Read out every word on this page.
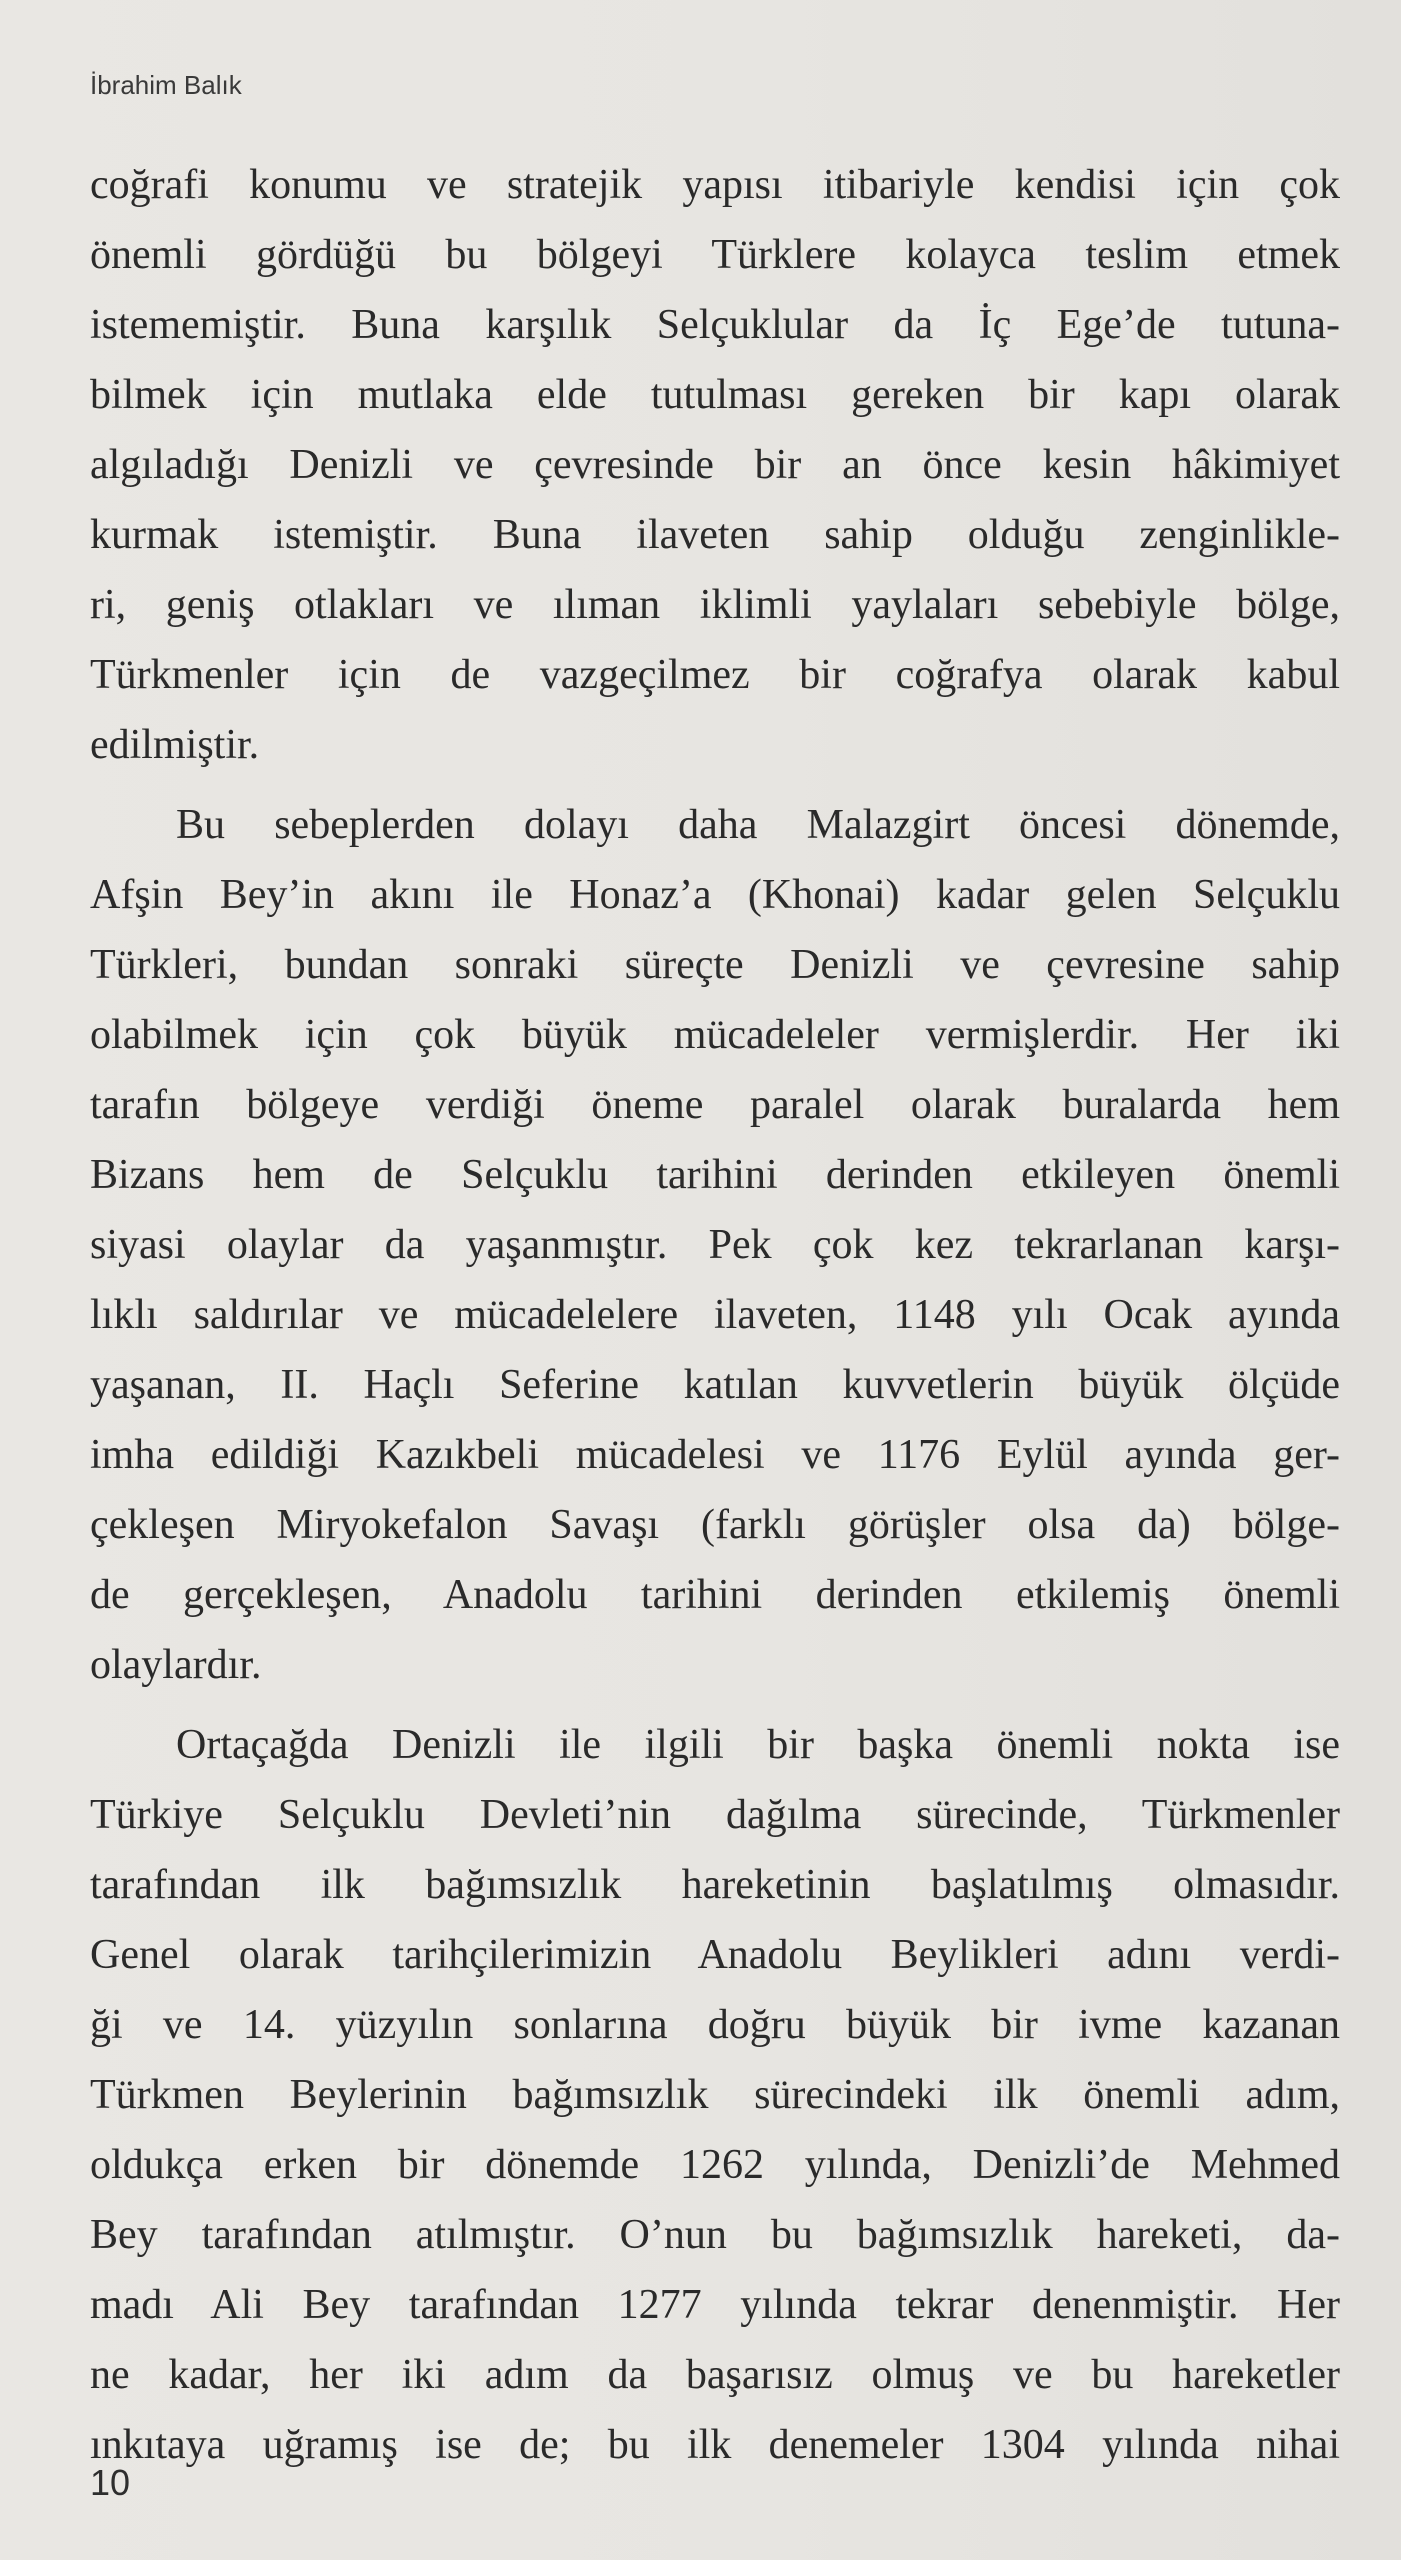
İbrahim Balık
coğrafi konumu ve stratejik yapısı itibariyle kendisi için çok
önemli gördüğü bu bölgeyi Türklere kolayca teslim etmek
istememiştir. Buna karşılık Selçuklular da İç Ege’de tutuna-
bilmek için mutlaka elde tutulması gereken bir kapı olarak
algıladığı Denizli ve çevresinde bir an önce kesin hâkimiyet
kurmak istemiştir. Buna ilaveten sahip olduğu zenginlikle-
ri, geniş otlakları ve ılıman iklimli yaylaları sebebiyle bölge,
Türkmenler için de vazgeçilmez bir coğrafya olarak kabul
edilmiştir.
Bu sebeplerden dolayı daha Malazgirt öncesi dönemde,
Afşin Bey’in akını ile Honaz’a (Khonai) kadar gelen Selçuklu
Türkleri, bundan sonraki süreçte Denizli ve çevresine sahip
olabilmek için çok büyük mücadeleler vermişlerdir. Her iki
tarafın bölgeye verdiği öneme paralel olarak buralarda hem
Bizans hem de Selçuklu tarihini derinden etkileyen önemli
siyasi olaylar da yaşanmıştır. Pek çok kez tekrarlanan karşı-
lıklı saldırılar ve mücadelelere ilaveten, 1148 yılı Ocak ayında
yaşanan, II. Haçlı Seferine katılan kuvvetlerin büyük ölçüde
imha edildiği Kazıkbeli mücadelesi ve 1176 Eylül ayında ger-
çekleşen Miryokefalon Savaşı (farklı görüşler olsa da) bölge-
de gerçekleşen, Anadolu tarihini derinden etkilemiş önemli
olaylardır.
Ortaçağda Denizli ile ilgili bir başka önemli nokta ise
Türkiye Selçuklu Devleti’nin dağılma sürecinde, Türkmenler
tarafından ilk bağımsızlık hareketinin başlatılmış olmasıdır.
Genel olarak tarihçilerimizin Anadolu Beylikleri adını verdi-
ği ve 14. yüzyılın sonlarına doğru büyük bir ivme kazanan
Türkmen Beylerinin bağımsızlık sürecindeki ilk önemli adım,
oldukça erken bir dönemde 1262 yılında, Denizli’de Mehmed
Bey tarafından atılmıştır. O’nun bu bağımsızlık hareketi, da-
madı Ali Bey tarafından 1277 yılında tekrar denenmiştir. Her
ne kadar, her iki adım da başarısız olmuş ve bu hareketler
ınkıtaya uğramış ise de; bu ilk denemeler 1304 yılında nihai
10
